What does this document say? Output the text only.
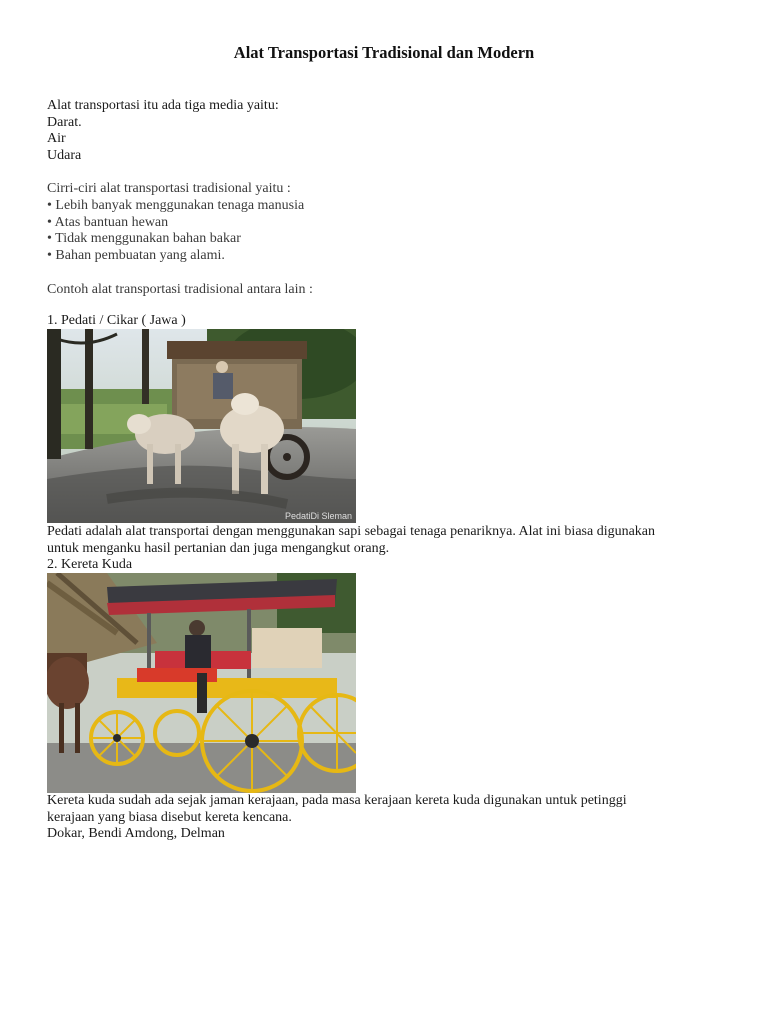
Alat Transportasi Tradisional dan Modern
Alat transportasi itu ada tiga media yaitu:
Darat.
Air
Udara
Cirri-ciri alat transportasi tradisional yaitu :
• Lebih banyak menggunakan tenaga manusia
• Atas bantuan hewan
• Tidak menggunakan bahan bakar
• Bahan pembuatan yang alami.
Contoh alat transportasi tradisional antara lain :
1. Pedati / Cikar ( Jawa )
PedatiDi Sleman
Pedati adalah alat transportai dengan menggunakan sapi sebagai tenaga penariknya. Alat ini biasa digunakan
untuk menganku hasil pertanian dan juga mengangkut orang.
2. Kereta Kuda
Kereta kuda sudah ada sejak jaman kerajaan, pada masa kerajaan kereta kuda digunakan untuk petinggi
kerajaan yang biasa disebut kereta kencana.
Dokar, Bendi Amdong, Delman
